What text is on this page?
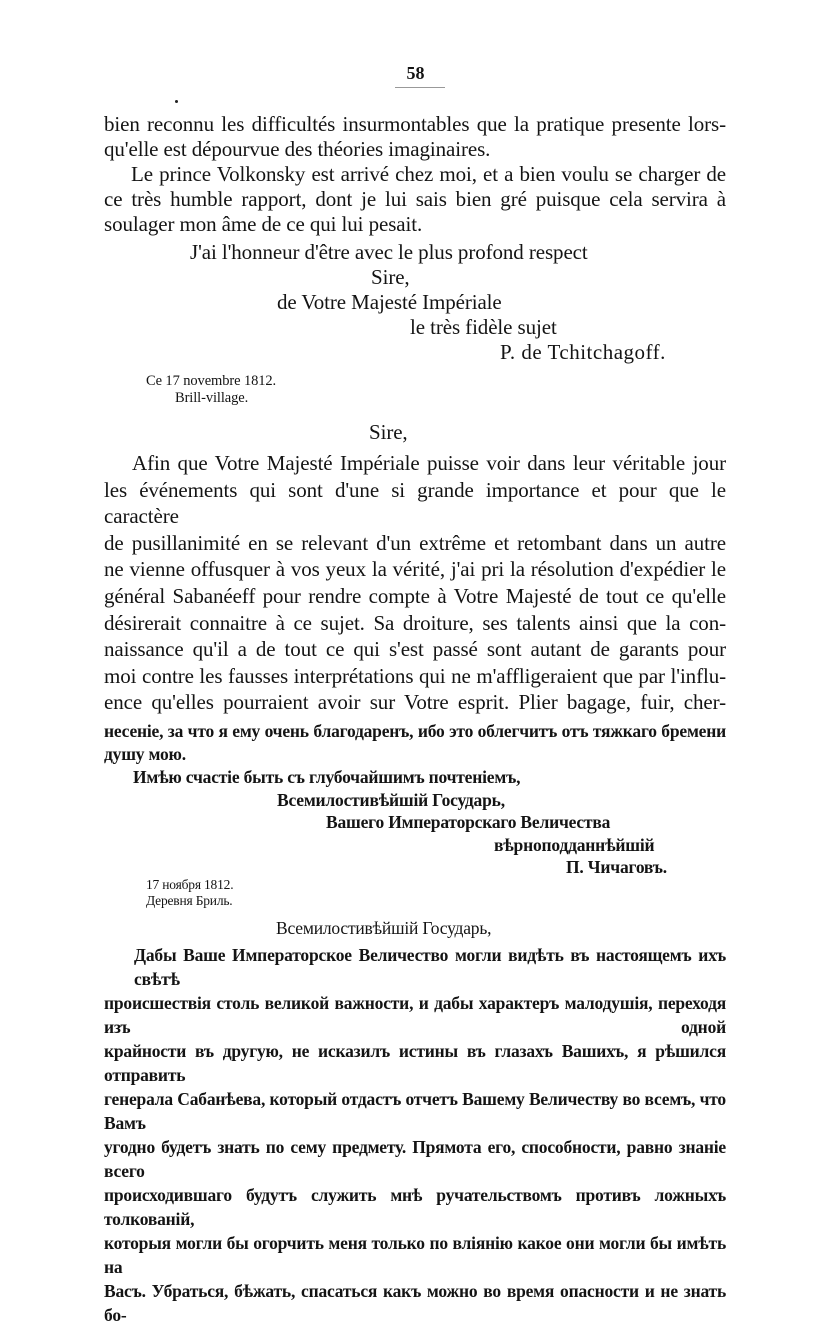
58
bien reconnu les difficultés insurmontables que la pratique presente lors-
qu'elle est dépourvue des théories imaginaires.
Le prince Volkonsky est arrivé chez moi, et a bien voulu se charger de
ce très humble rapport, dont je lui sais bien gré puisque cela servira à
soulager mon âme de ce qui lui pesait.
J'ai l'honneur d'être avec le plus profond respect
Sire,
de Votre Majesté Impériale
le très fidèle sujet
P. de Tchitchagoff.
Ce 17 novembre 1812.
Brill-village.
Sire,
Afin que Votre Majesté Impériale puisse voir dans leur véritable jour
les événements qui sont d'une si grande importance et pour que le caractère
de pusillanimité en se relevant d'un extrême et retombant dans un autre
ne vienne offusquer à vos yeux la vérité, j'ai pri la résolution d'expédier le
général Sabanéeff pour rendre compte à Votre Majesté de tout ce qu'elle
désirerait connaitre à ce sujet. Sa droiture, ses talents ainsi que la con-
naissance qu'il a de tout ce qui s'est passé sont autant de garants pour
moi contre les fausses interprétations qui ne m'affligeraient que par l'influ-
ence qu'elles pourraient avoir sur Votre esprit. Plier bagage, fuir, cher-
несеніе, за что я ему очень благодаренъ, ибо это облегчитъ отъ тяжкаго бремени
душу мою.
Имѣю счастіе быть съ глубочайшимъ почтеніемъ,
Всемилостивѣйшій Государь,
Вашего Императорскаго Величества
вѣрноподданнѣйшій
П. Чичаговъ.
17 ноября 1812.
Деревня Бриль.
Всемилостивѣйшій Государь,
Дабы Ваше Императорское Величество могли видѣть въ настоящемъ ихъ свѣтѣ
происшествія столь великой важности, и дабы характеръ малодушія, переходя изъ одной
крайности въ другую, не исказилъ истины въ глазахъ Вашихъ, я рѣшился отправить
генерала Сабанѣева, который отдастъ отчетъ Вашему Величеству во всемъ, что Вамъ
угодно будетъ знать по сему предмету. Прямота его, способности, равно знаніе всего
происходившаго будутъ служить мнѣ ручательствомъ противъ ложныхъ толкованій,
которыя могли бы огорчить меня только по вліянію какое они могли бы имѣть на
Васъ. Убраться, бѣжать, спасаться какъ можно во время опасности и не знать бо-
